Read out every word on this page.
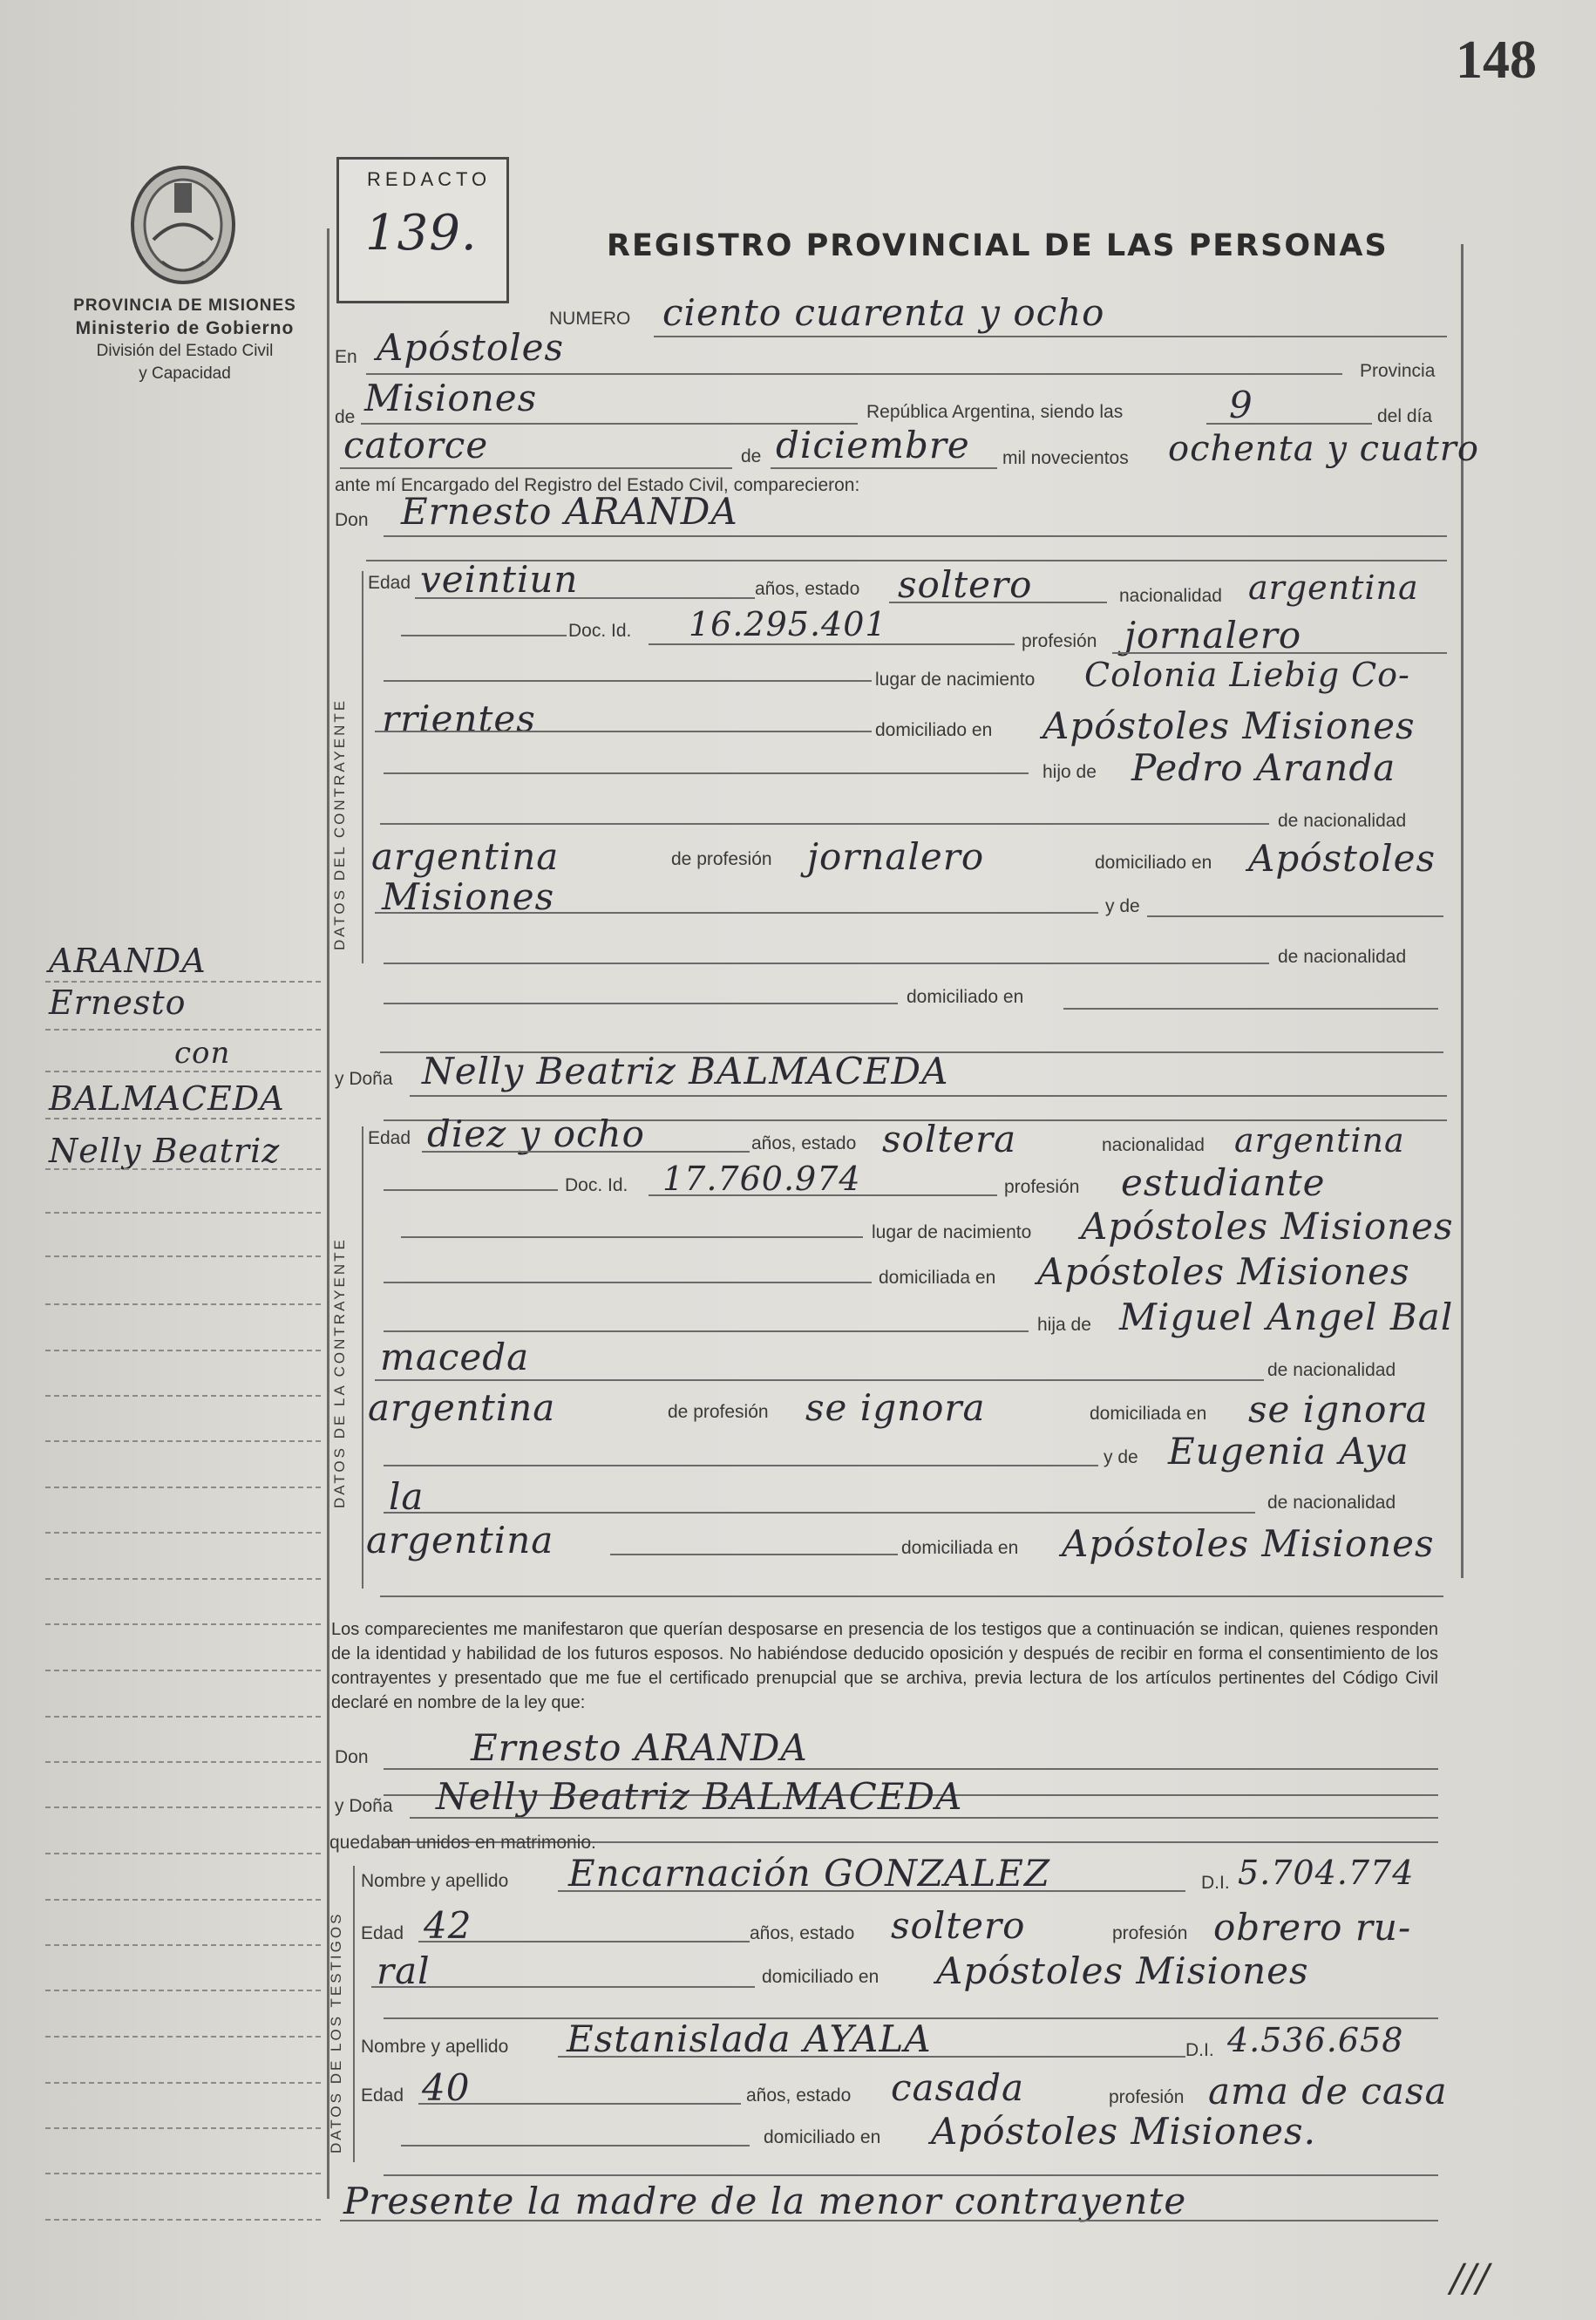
148
PROVINCIA DE MISIONES
Ministerio de Gobierno
División del Estado Civil
y Capacidad
REDACTO
139.	REGISTRO PROVINCIAL DE LAS PERSONAS
ARANDA
Ernesto
con
BALMACEDA
Nelly Beatriz
NUMERO ciento cuarenta y ocho
En Apóstoles
Provincia
de Misiones	República Argentina, siendo las	9	del día
catorce	de diciembre mil novecientos ochenta y cuatro
ante mí Encargado del Registro del Estado Civil, comparecieron:
Don Ernesto ARANDA
DATOS DEL CONTRAYENTE
Edad veintiun	años, estado soltero	nacionalidad argentina
Doc. Id. 16.295.401	profesión jornalero
lugar de nacimiento Colonia Liebig Co-
rrientes	domiciliado en Apóstoles Misiones
hijo de Pedro Aranda
de nacionalidad
argentina	de profesión jornalero	domiciliado en Apóstoles
Misiones	y de
de nacionalidad
domiciliado en
y Doña Nelly Beatriz BALMACEDA
DATOS DE LA CONTRAYENTE
Edad diez y ocho	años, estado soltera	nacionalidad argentina
Doc. Id. 17.760.974	profesión estudiante
lugar de nacimiento Apóstoles Misiones
domiciliada en Apóstoles Misiones
hija de Miguel Angel Bal
maceda	de nacionalidad
argentina	de profesión se ignora	domiciliada en se ignora
y de Eugenia Aya
la	de nacionalidad
argentina	domiciliada en Apóstoles Misiones
Los comparecientes me manifestaron que querían desposarse en presencia de los testigos que a continuación se indican, quienes responden de la identidad y habilidad de los futuros esposos. No habiéndose deducido oposición y después de recibir en forma el consentimiento de los contrayentes y presentado que me fue el certificado prenupcial que se archiva, previa lectura de los artículos pertinentes del Código Civil declaré en nombre de la ley que:
Don	Ernesto ARANDA
y Doña Nelly Beatriz BALMACEDA
quedaban unidos en matrimonio.
DATOS DE LOS TESTIGOS
Nombre y apellido Encarnación GONZALEZ	D.I. 5.704.774
Edad 42	años, estado soltero	profesión obrero ru-
ral	domiciliado en Apóstoles Misiones
Nombre y apellido Estanislada AYALA	D.I. 4.536.658
Edad 40	años, estado casada	profesión ama de casa
domiciliado en Apóstoles Misiones.
Presente la madre de la menor contrayente
///
